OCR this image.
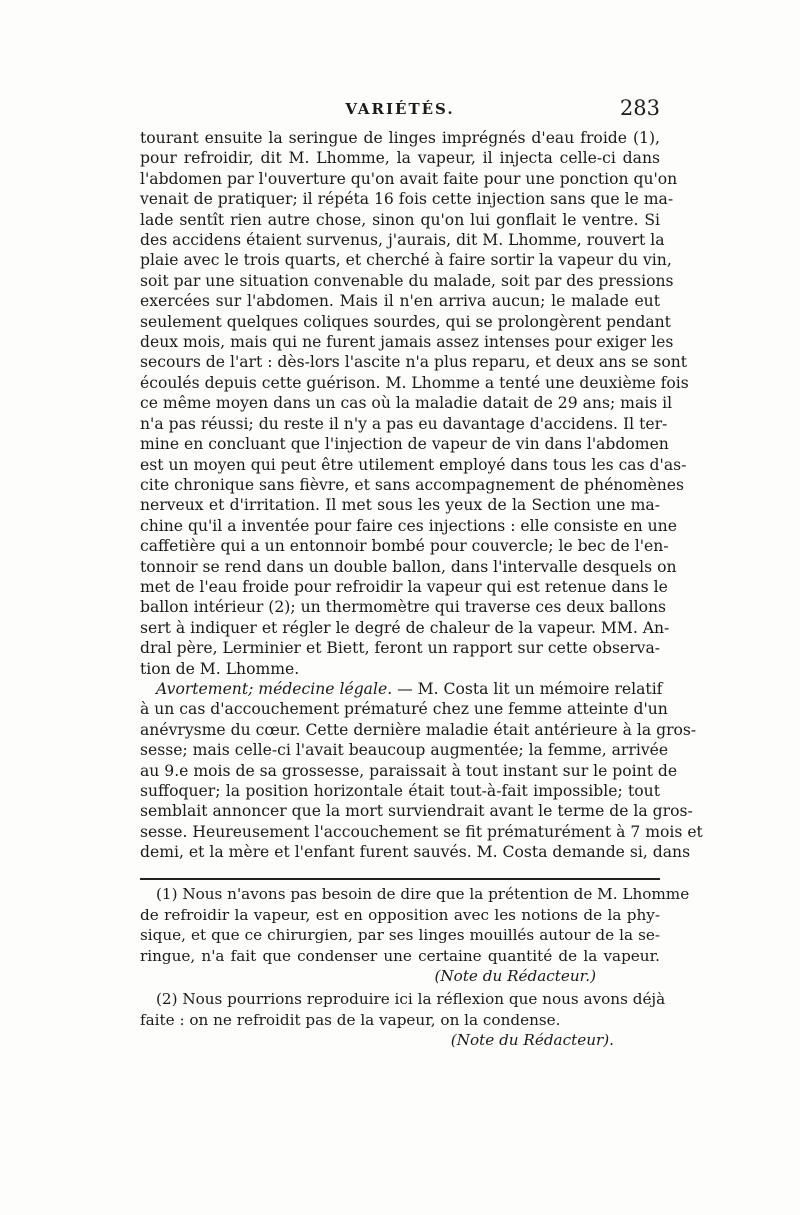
VARIÉTÉS.	283
tourant ensuite la seringue de linges imprégnés d'eau froide (1),
pour refroidir, dit M. Lhomme, la vapeur, il injecta celle-ci dans
l'abdomen par l'ouverture qu'on avait faite pour une ponction qu'on
venait de pratiquer; il répéta 16 fois cette injection sans que le ma-
lade sentît rien autre chose, sinon qu'on lui gonflait le ventre. Si
des accidens étaient survenus, j'aurais, dit M. Lhomme, rouvert la
plaie avec le trois quarts, et cherché à faire sortir la vapeur du vin,
soit par une situation convenable du malade, soit par des pressions
exercées sur l'abdomen. Mais il n'en arriva aucun; le malade eut
seulement quelques coliques sourdes, qui se prolongèrent pendant
deux mois, mais qui ne furent jamais assez intenses pour exiger les
secours de l'art : dès-lors l'ascite n'a plus reparu, et deux ans se sont
écoulés depuis cette guérison. M. Lhomme a tenté une deuxième fois
ce même moyen dans un cas où la maladie datait de 29 ans; mais il
n'a pas réussi; du reste il n'y a pas eu davantage d'accidens. Il ter-
mine en concluant que l'injection de vapeur de vin dans l'abdomen
est un moyen qui peut être utilement employé dans tous les cas d'as-
cite chronique sans fièvre, et sans accompagnement de phénomènes
nerveux et d'irritation. Il met sous les yeux de la Section une ma-
chine qu'il a inventée pour faire ces injections : elle consiste en une
caffetière qui a un entonnoir bombé pour couvercle; le bec de l'en-
tonnoir se rend dans un double ballon, dans l'intervalle desquels on
met de l'eau froide pour refroidir la vapeur qui est retenue dans le
ballon intérieur (2); un thermomètre qui traverse ces deux ballons
sert à indiquer et régler le degré de chaleur de la vapeur. MM. An-
dral père, Lerminier et Biett, feront un rapport sur cette observa-
tion de M. Lhomme.
Avortement; médecine légale. — M. Costa lit un mémoire relatif
à un cas d'accouchement prématuré chez une femme atteinte d'un
anévrysme du cœur. Cette dernière maladie était antérieure à la gros-
sesse; mais celle-ci l'avait beaucoup augmentée; la femme, arrivée
au 9.e mois de sa grossesse, paraissait à tout instant sur le point de
suffoquer; la position horizontale était tout-à-fait impossible; tout
semblait annoncer que la mort surviendrait avant le terme de la gros-
sesse. Heureusement l'accouchement se fit prématurément à 7 mois et
demi, et la mère et l'enfant furent sauvés. M. Costa demande si, dans
(1) Nous n'avons pas besoin de dire que la prétention de M. Lhomme
de refroidir la vapeur, est en opposition avec les notions de la phy-
sique, et que ce chirurgien, par ses linges mouillés autour de la se-
ringue, n'a fait que condenser une certaine quantité de la vapeur.
(Note du Rédacteur.)
(2) Nous pourrions reproduire ici la réflexion que nous avons déjà
faite : on ne refroidit pas de la vapeur, on la condense.
(Note du Rédacteur).
